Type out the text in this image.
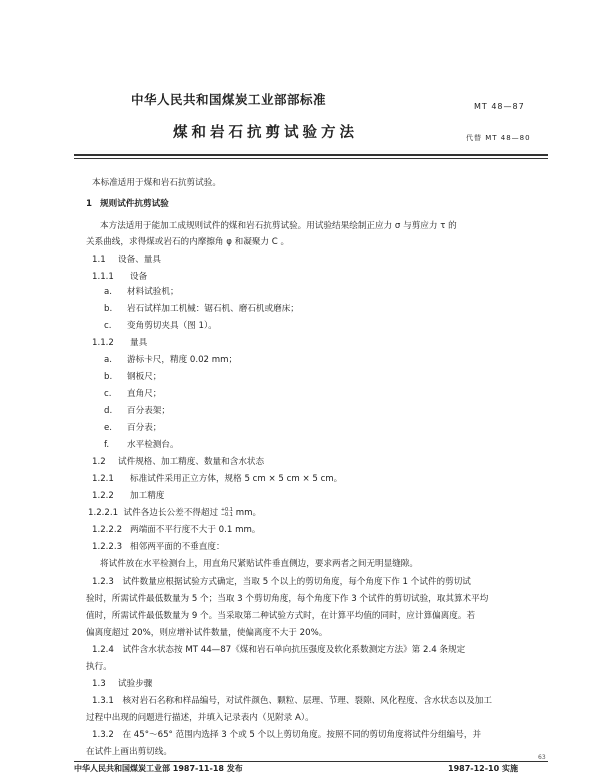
中华人民共和国煤炭工业部部标准	MT 48—87
煤和岩石抗剪试验方法	代替 MT 48—80
本标准适用于煤和岩石抗剪试验。
1 规则试件抗剪试验
本方法适用于能加工成规则试件的煤和岩石抗剪试验。用试验结果绘制正应力 σ 与剪应力 τ 的
关系曲线，求得煤或岩石的内摩擦角 φ 和凝聚力 C 。
1.1 设备、量具
1.1.1 设备
a. 材料试验机；
b. 岩石试样加工机械：锯石机、磨石机或磨床；
c. 变角剪切夹具（图 1）。
1.1.2 量具
a. 游标卡尺，精度 0.02 mm；
b. 钢板尺；
c. 直角尺；
d. 百分表架；
e. 百分表；
f. 水平检测台。
1.2 试件规格、加工精度、数量和含水状态
1.2.1 标准试件采用正立方体，规格 5 cm × 5 cm × 5 cm。
1.2.2 加工精度
1.2.2.1 试件各边长公差不得超过 +0.1
−0.1 mm。
1.2.2.2 两端面不平行度不大于 0.1 mm。
1.2.2.3 相邻两平面的不垂直度：
将试件放在水平检测台上，用直角尺紧贴试件垂直侧边，要求两者之间无明显缝隙。
1.2.3　试件数量应根据试验方式确定，当取 5 个以上的剪切角度，每个角度下作 1 个试件的剪切试
验时，所需试件最低数量为 5 个；当取 3 个剪切角度，每个角度下作 3 个试件的剪切试验，取其算术平均
值时，所需试件最低数量为 9 个。当采取第二种试验方式时，在计算平均值的同时，应计算偏离度。若
偏离度超过 20%，则应增补试件数量，使偏离度不大于 20%。
1.2.4　试件含水状态按 MT 44—87《煤和岩石单向抗压强度及软化系数测定方法》第 2.4 条规定
执行。
1.3 试验步骤
1.3.1　核对岩石名称和样品编号，对试件颜色、颗粒、层理、节理、裂隙、风化程度、含水状态以及加工
过程中出现的问题进行描述，并填入记录表内（见附录 A）。
1.3.2　在 45°～65° 范围内选择 3 个或 5 个以上剪切角度。按照不同的剪切角度将试件分组编号，并
在试件上画出剪切线。
中华人民共和国煤炭工业部 1987-11-18 发布	1987-12-10 实施
63
